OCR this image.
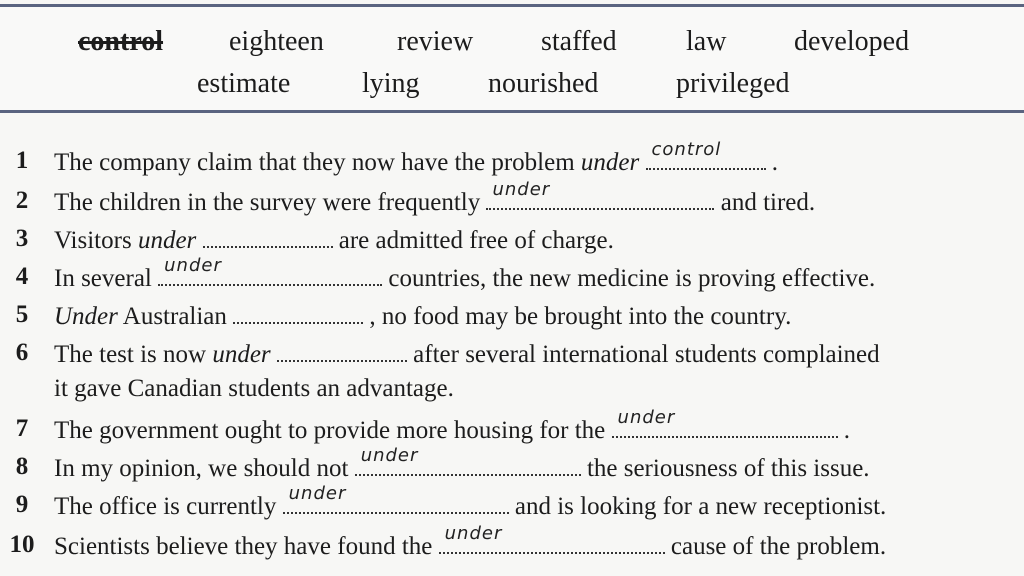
control eighteen	review staffed law developed
estimate	lying nourished	privileged
1	The company claim that they now have the problem under control .
2	The children in the survey were frequently under	and tired.
3	Visitors under	are admitted free of charge.
4	In several under	countries, the new medicine is proving effective.
5	Under Australian	, no food may be brought into the country.
6	The test is now under	after several international students complained
it gave Canadian students an advantage.
7	The government ought to provide more housing for the under	.
8	In my opinion, we should not under	the seriousness of this issue.
9	The office is currently under	and is looking for a new receptionist.
10 Scientists believe they have found the under	cause of the problem.
